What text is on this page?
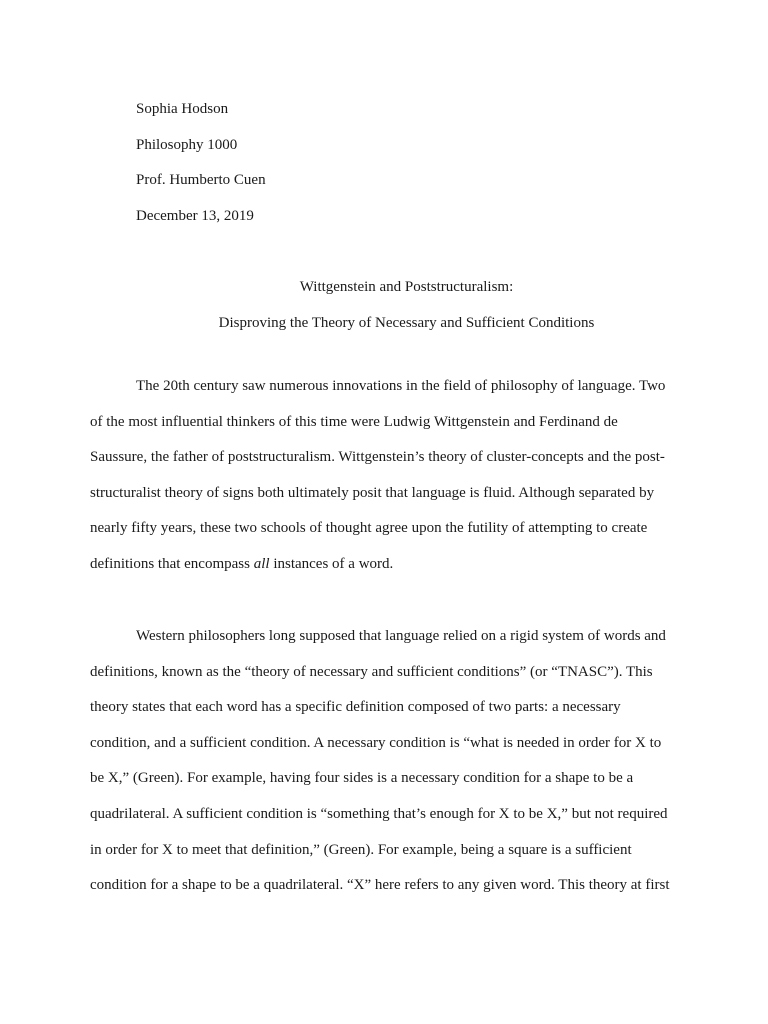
Sophia Hodson
Philosophy 1000
Prof. Humberto Cuen
December 13, 2019
Wittgenstein and Poststructuralism:
Disproving the Theory of Necessary and Sufficient Conditions
The 20th century saw numerous innovations in the field of philosophy of language. Two
of the most influential thinkers of this time were Ludwig Wittgenstein and Ferdinand de
Saussure, the father of poststructuralism. Wittgenstein’s theory of cluster-concepts and the post-
structuralist theory of signs both ultimately posit that language is fluid. Although separated by
nearly fifty years, these two schools of thought agree upon the futility of attempting to create
definitions that encompass all instances of a word.
Western philosophers long supposed that language relied on a rigid system of words and
definitions, known as the “theory of necessary and sufficient conditions” (or “TNASC”). This
theory states that each word has a specific definition composed of two parts: a necessary
condition, and a sufficient condition. A necessary condition is “what is needed in order for X to
be X,” (Green). For example, having four sides is a necessary condition for a shape to be a
quadrilateral. A sufficient condition is “something that’s enough for X to be X,” but not required
in order for X to meet that definition,” (Green). For example, being a square is a sufficient
condition for a shape to be a quadrilateral. “X” here refers to any given word. This theory at first
